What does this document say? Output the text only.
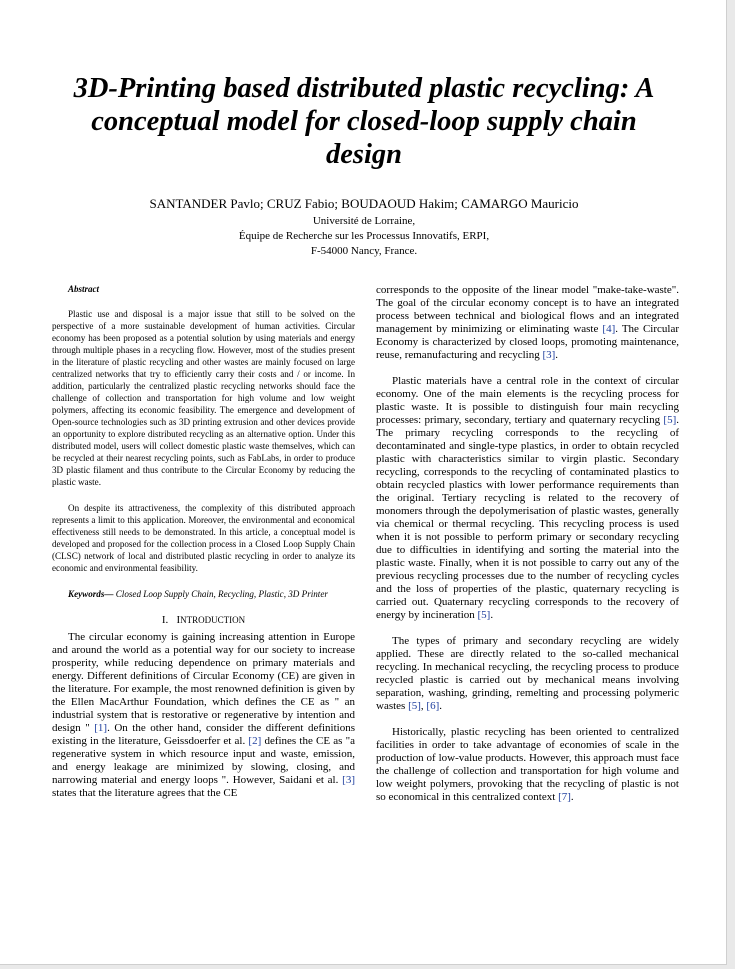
3D-Printing based distributed plastic recycling: A
conceptual model for closed-loop supply chain
design
SANTANDER Pavlo; CRUZ Fabio; BOUDAOUD Hakim; CAMARGO Mauricio
Université de Lorraine,
Équipe de Recherche sur les Processus Innovatifs, ERPI,
F-54000 Nancy, France.
Abstract

Plastic use and disposal is a major issue that still to be solved on the perspective of a more sustainable development of human activities. Circular economy has been proposed as a potential solution by using materials and energy through multiple phases in a recycling flow. However, most of the studies present in the literature of plastic recycling and other wastes are mainly focused on large centralized networks that try to efficiently carry their costs and / or income. In addition, particularly the centralized plastic recycling networks should face the challenge of collection and transportation for high volume and low weight polymers, affecting its economic feasibility. The emergence and development of Open-source technologies such as 3D printing extrusion and other devices provide an opportunity to explore distributed recycling as an alternative option. Under this distributed model, users will collect domestic plastic waste themselves, which can be recycled at their nearest recycling points, such as FabLabs, in order to produce 3D plastic filament and thus contribute to the Circular Economy by reducing the plastic waste.

On despite its attractiveness, the complexity of this distributed approach represents a limit to this application. Moreover, the environmental and economical effectiveness still needs to be demonstrated. In this article, a conceptual model is developed and proposed for the collection process in a Closed Loop Supply Chain (CLSC) network of local and distributed plastic recycling in order to analyze its economic and environmental feasibility.

Keywords— Closed Loop Supply Chain, Recycling, Plastic, 3D Printer

I. INTRODUCTION

The circular economy is gaining increasing attention in Europe and around the world as a potential way for our society to increase prosperity, while reducing dependence on primary materials and energy. Different definitions of Circular Economy (CE) are given in the literature. For example, the most renowned definition is given by the Ellen MacArthur Foundation, which defines the CE as " an industrial system that is restorative or regenerative by intention and design " [1]. On the other hand, consider the different definitions existing in the literature, Geissdoerfer et al. [2] defines the CE as "a regenerative system in which resource input and waste, emission, and energy leakage are minimized by slowing, closing, and narrowing material and energy loops ". However, Saidani et al. [3] states that the literature agrees that the CE

corresponds to the opposite of the linear model "make-take-waste". The goal of the circular economy concept is to have an integrated process between technical and biological flows and an integrated management by minimizing or eliminating waste [4]. The Circular Economy is characterized by closed loops, promoting maintenance, reuse, remanufacturing and recycling [3].

Plastic materials have a central role in the context of circular economy. One of the main elements is the recycling process for plastic waste. It is possible to distinguish four main recycling processes: primary, secondary, tertiary and quaternary recycling [5]. The primary recycling corresponds to the recycling of decontaminated and single-type plastics, in order to obtain recycled plastic with characteristics similar to virgin plastic. Secondary recycling, corresponds to the recycling of contaminated plastics to obtain recycled plastics with lower performance requirements than the original. Tertiary recycling is related to the recovery of monomers through the depolymerisation of plastic wastes, generally via chemical or thermal recycling. This recycling process is used when it is not possible to perform primary or secondary recycling due to difficulties in identifying and sorting the material into the plastic waste. Finally, when it is not possible to carry out any of the previous recycling processes due to the number of recycling cycles and the loss of properties of the plastic, quaternary recycling is carried out. Quaternary recycling corresponds to the recovery of energy by incineration [5].

The types of primary and secondary recycling are widely applied. These are directly related to the so-called mechanical recycling. In mechanical recycling, the recycling process to produce recycled plastic is carried out by mechanical means involving separation, washing, grinding, remelting and processing polymeric wastes [5], [6].

Historically, plastic recycling has been oriented to centralized facilities in order to take advantage of economies of scale in the production of low-value products. However, this approach must face the challenge of collection and transportation for high volume and low weight polymers, provoking that the recycling of plastic is not so economical in this centralized context [7].
